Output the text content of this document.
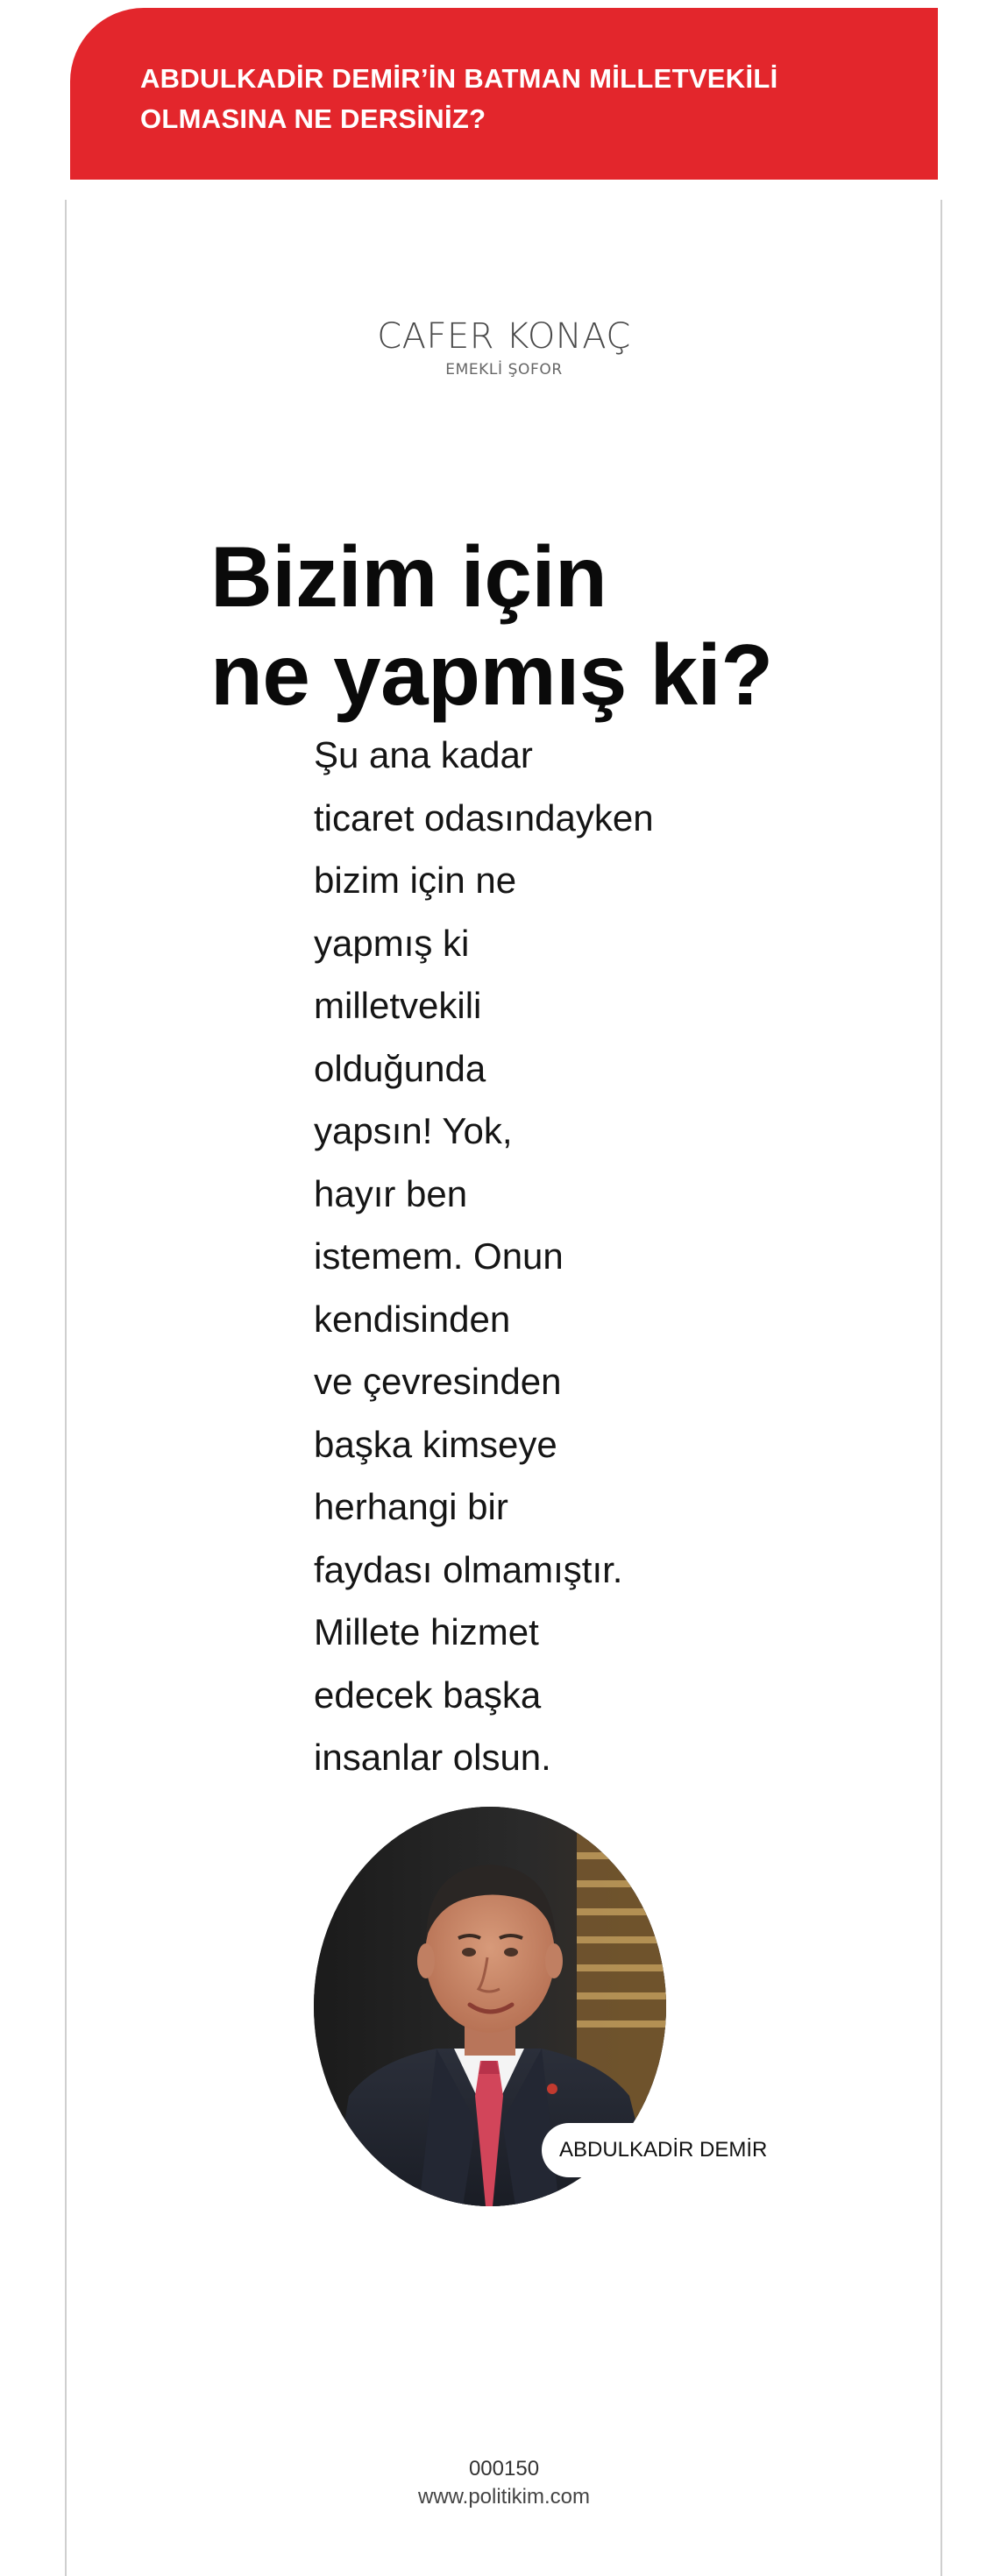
ABDULKADİR DEMİR’İN BATMAN MİLLETVEKİLİ OLMASINA NE DERSİNİZ?

CAFER KONAÇ
EMEKLİ ŞOFOR
Bizim için
ne yapmış ki?
Şu ana kadar
ticaret odasındayken
bizim için ne
yapmış ki
milletvekili
olduğunda
yapsın! Yok,
hayır ben
istemem. Onun
kendisinden
ve çevresinden
başka kimseye
herhangi bir
faydası olmamıştır.
Millete hizmet
edecek başka
insanlar olsun.
ABDULKADİR DEMİR
000150
www.politikim.com
